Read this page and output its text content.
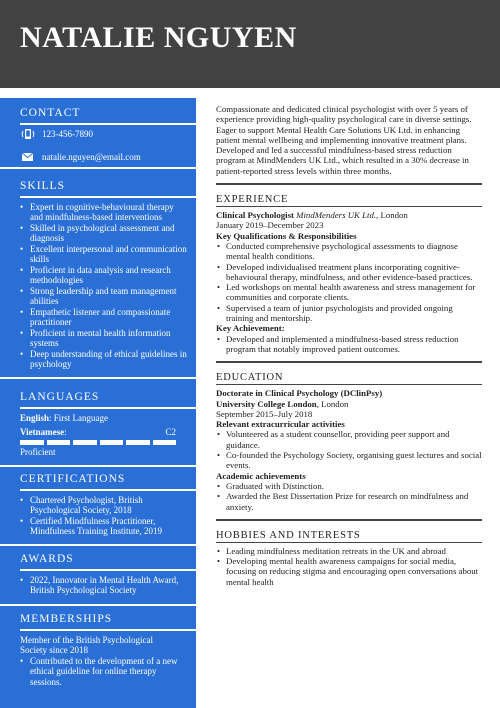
NATALIE NGUYEN
CONTACT
123-456-7890
natalie.nguyen@email.com
SKILLS
• Expert in cognitive-behavioural therapy and mindfulness-based interventions
• Skilled in psychological assessment and diagnosis
• Excellent interpersonal and communication skills
• Proficient in data analysis and research methodologies
• Strong leadership and team management abilities
• Empathetic listener and compassionate practitioner
• Proficient in mental health information systems
• Deep understanding of ethical guidelines in psychology
LANGUAGES
English: First Language
Vietnamese:	C2
Proficient
CERTIFICATIONS
• Chartered Psychologist, British Psychological Society, 2018
• Certified Mindfulness Practitioner, Mindfulness Training Institute, 2019
AWARDS
• 2022, Innovator in Mental Health Award, British Psychological Society
MEMBERSHIPS
Member of the British Psychological Society since 2018
• Contributed to the development of a new ethical guideline for online therapy sessions.
Compassionate and dedicated clinical psychologist with over 5 years of experience providing high-quality psychological care in diverse settings. Eager to support Mental Health Care Solutions UK Ltd. in enhancing patient mental wellbeing and implementing innovative treatment plans. Developed and led a successful mindfulness-based stress reduction program at MindMenders UK Ltd., which resulted in a 30% decrease in patient-reported stress levels within three months.
EXPERIENCE
Clinical Psychologist MindMenders UK Ltd., London
January 2019–December 2023
Key Qualifications & Responsibilities
• Conducted comprehensive psychological assessments to diagnose mental health conditions.
• Developed individualised treatment plans incorporating cognitive-behavioural therapy, mindfulness, and other evidence-based practices.
• Led workshops on mental health awareness and stress management for communities and corporate clients.
• Supervised a team of junior psychologists and provided ongoing training and mentorship.
Key Achievement:
• Developed and implemented a mindfulness-based stress reduction program that notably improved patient outcomes.
EDUCATION
Doctorate in Clinical Psychology (DClinPsy)
University College London, London
September 2015–July 2018
Relevant extracurricular activities
• Volunteered as a student counsellor, providing peer support and guidance.
• Co-founded the Psychology Society, organising guest lectures and social events.
Academic achievements
• Graduated with Distinction.
• Awarded the Best Dissertation Prize for research on mindfulness and anxiety.
HOBBIES AND INTERESTS
• Leading mindfulness meditation retreats in the UK and abroad
• Developing mental health awareness campaigns for social media, focusing on reducing stigma and encouraging open conversations about mental health
